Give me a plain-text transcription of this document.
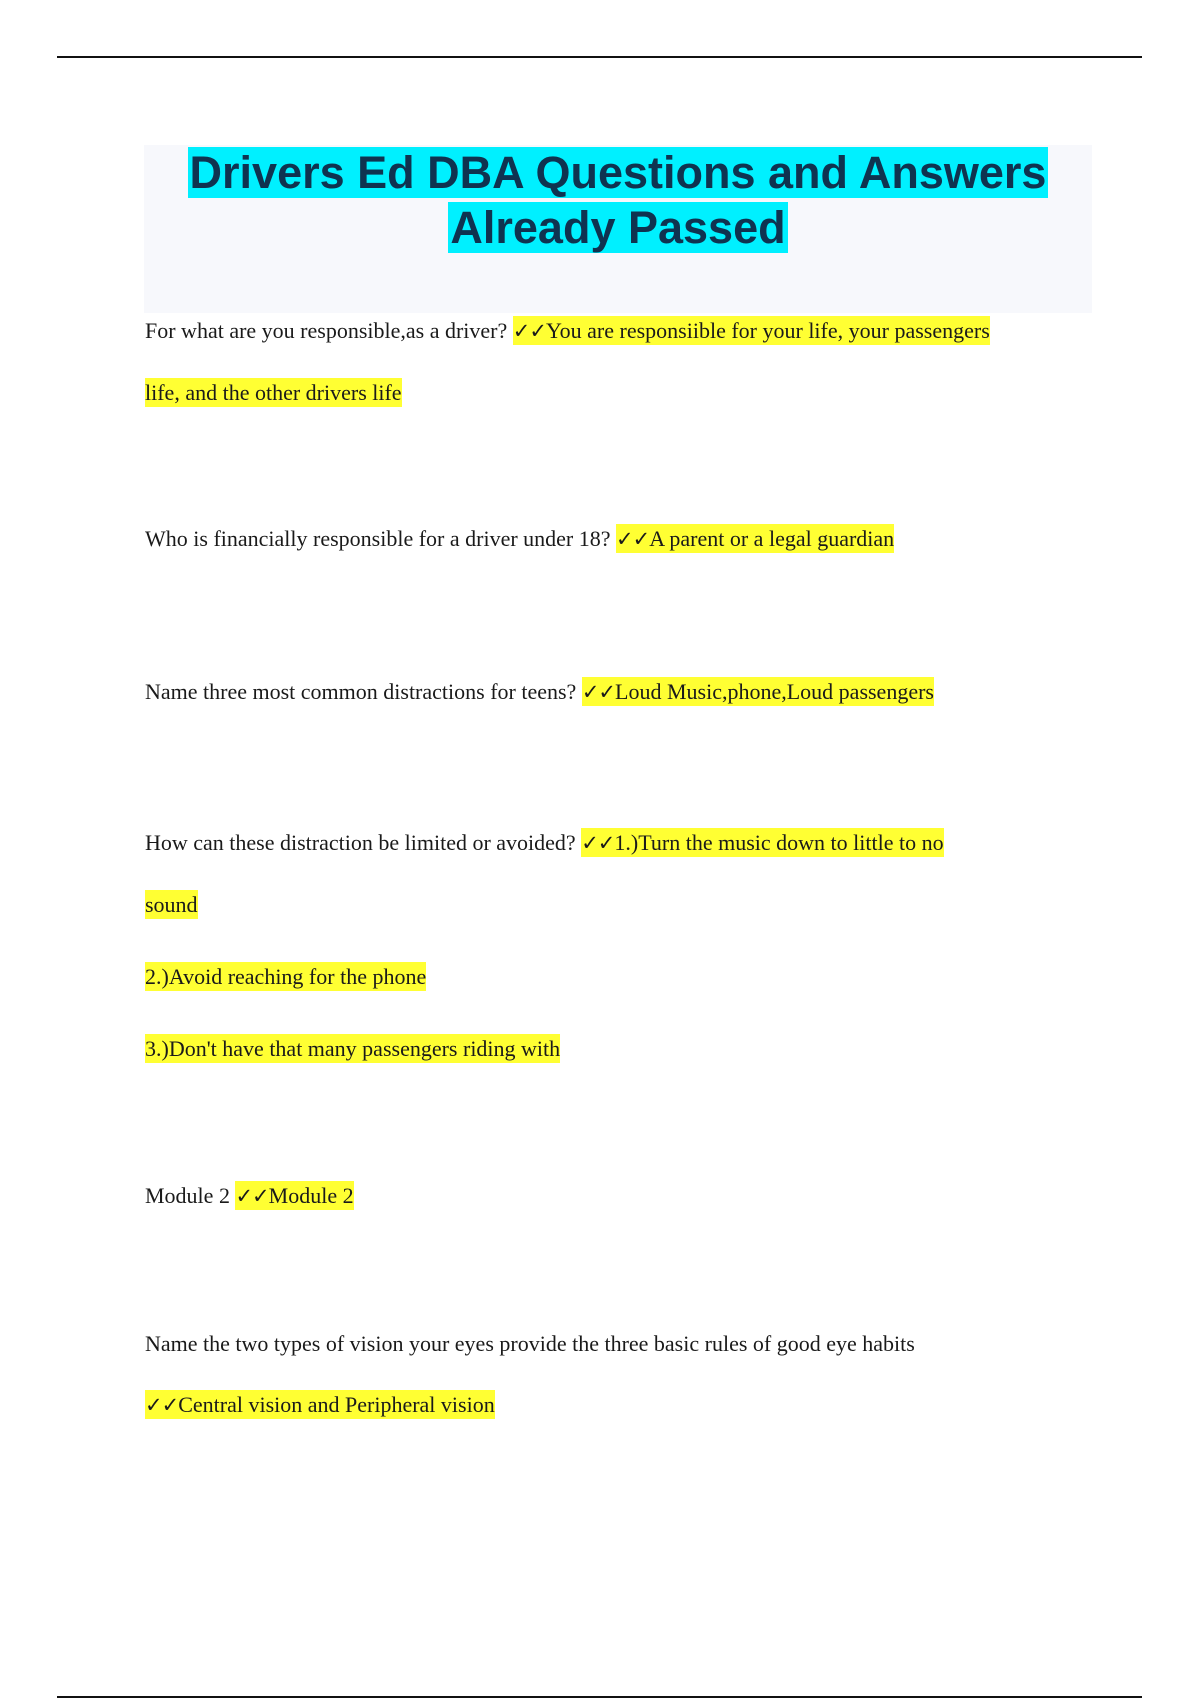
Drivers Ed DBA Questions and Answers
Already Passed
For what are you responsible,as a driver? ✓✓You are responsiible for your life, your passengers
life, and the other drivers life
Who is financially responsible for a driver under 18? ✓✓A parent or a legal guardian
Name three most common distractions for teens? ✓✓Loud Music,phone,Loud passengers
How can these distraction be limited or avoided? ✓✓1.)Turn the music down to little to no
sound
2.)Avoid reaching for the phone
3.)Don't have that many passengers riding with
Module 2 ✓✓Module 2
Name the two types of vision your eyes provide the three basic rules of good eye habits
✓✓Central vision and Peripheral vision
